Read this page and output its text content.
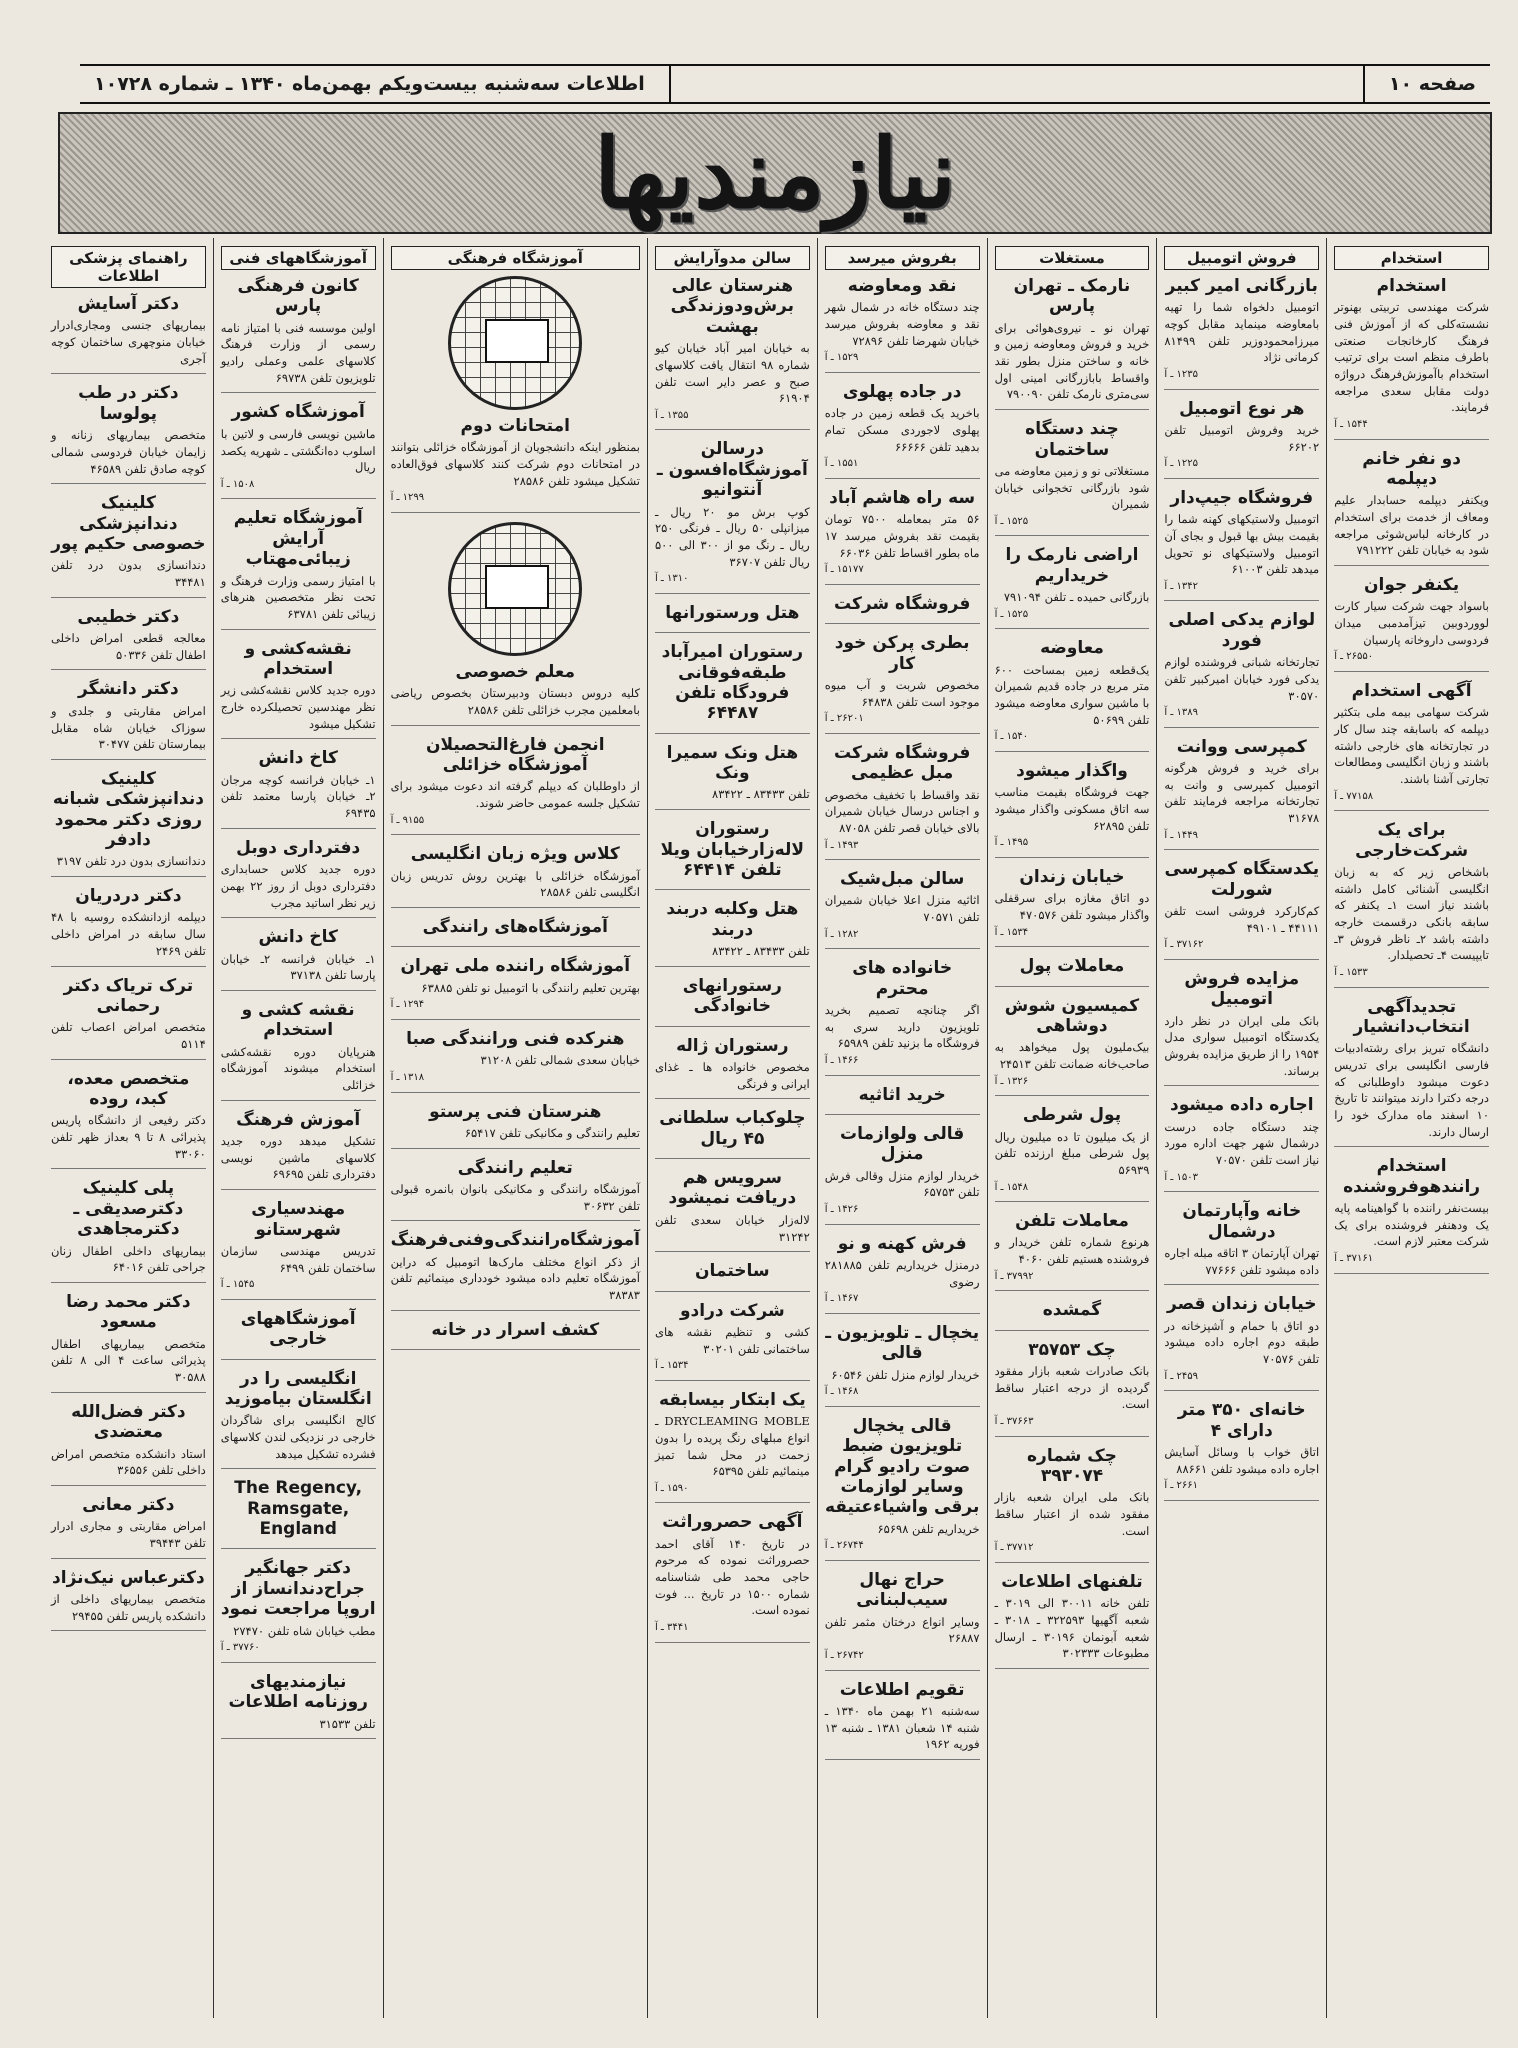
صفحه ۱۰
اطلاعات سه‌شنبه بیست‌و‌یکم بهمن‌ماه ۱۳۴۰ ـ شماره ۱۰۷۲۸
نیازمندیها
استخدام
استخدام

شرکت مهندسی تربیتی بهنوتر نشسته‌کلی که از آموزش فنی فرهنگ کارخانجات صنعتی باطرف منظم است برای ترتیب استخدام باآموزش‌فرهنگ درواژه دولت مقابل سعدی مراجعه فرمایند.

۱۵۴۴ ـ آ

دو نفر خانم دیپلمه

ویکنفر دیپلمه حسابدار علیم ومعاف از خدمت برای استخدام در کارخانه لباس‌شوئی مراجعه شود به خیابان تلفن ۷۹۱۲۲۲

یکنفر جوان

باسواد جهت شرکت سیار کارت لووردوبین تیزآمدمبی میدان فردوسی داروخانه پارسیان

۲۶۵۵۰ ـ آ

آگهی استخدام

شرکت سهامی بیمه ملی بتکثیر دیپلمه که باسابقه چند سال کار در تجارتخانه های خارجی داشته باشند و زبان انگلیسی ومطالعات تجارتی آشنا باشند.

۷۷۱۵۸ ـ آ

برای یک شرکت‌خارجی

باشخاص زیر که به زبان انگلیسی آشنائی کامل داشته باشند نیاز است ۱ـ یکنفر که سابقه بانکی درقسمت خارجه داشته باشد ۲ـ ناظر فروش ۳ـ تایپیست ۴ـ تحصیلدار.

۱۵۳۳ ـ آ

تجدیدآگهی انتخاب‌دانشیار

دانشگاه تبریز برای رشته‌ادبیات فارسی انگلیسی برای تدریس دعوت میشود داوطلبانی که درجه دکترا دارند میتوانند تا تاریخ ۱۰ اسفند ماه مدارک خود را ارسال دارند.

استخدام رانندهوفروشنده

بیست‌نفر راننده با گواهینامه پایه یک ودهنفر فروشنده برای یک شرکت معتبر لازم است.

۳۷۱۶۱ ـ آ

فروش اتومبیل
بازرگانی امیر کبیر

اتومبیل دلخواه شما را تهیه بامعاوضه مینماید مقابل کوچه میرزامحمودوزیر تلفن ۸۱۴۹۹ کرمانی نژاد

۱۲۳۵ ـ آ

هر نوع اتومبیل

خرید وفروش اتومبیل تلفن ۶۶۲۰۲

۱۲۲۵ ـ آ

فروشگاه جیپ‌دار

اتومبیل ولاستیکهای کهنه شما را بقیمت بیش بها قبول و بجای آن اتومبیل ولاستیکهای نو تحویل میدهد تلفن ۶۱۰۰۳

۱۳۴۲ ـ آ

لوازم یدکی اصلی فورد

تجارتخانه شبانی فروشنده لوازم یدکی فورد خیابان امیرکبیر تلفن ۳۰۵۷۰

۱۳۸۹ ـ آ

کمپرسی ووانت

برای خرید و فروش هرگونه اتومبیل کمپرسی و وانت به تجارتخانه مراجعه فرمایند تلفن ۳۱۶۷۸

۱۴۴۹ ـ آ

یکدستگاه کمپرسی شورلت

کم‌کارکرد فروشی است تلفن ۴۴۱۱۱ ـ ۴۹۱۰۱

۳۷۱۶۲ ـ آ

مزایده فروش اتومبیل

بانک ملی ایران در نظر دارد یکدستگاه اتومبیل سواری مدل ۱۹۵۴ را از طریق مزایده بفروش برساند.

اجاره داده میشود

چند دستگاه جاده درست درشمال شهر جهت اداره مورد نیاز است تلفن ۷۰۵۷۰

۱۵۰۳ ـ آ

خانه وآپارتمان درشمال

تهران آپارتمان ۳ اتاقه مبله اجاره داده میشود تلفن ۷۷۶۶۶

خیابان زندان قصر

دو اتاق با حمام و آشپزخانه در طبقه دوم اجاره داده میشود تلفن ۷۰۵۷۶

۲۴۵۹ ـ آ

خانه‌ای ۳۵۰ متر دارای ۴

اتاق خواب با وسائل آسایش اجاره داده میشود تلفن ۸۸۶۶۱

۲۶۶۱ ـ آ

مستغلات
نارمک ـ تهران پارس

تهران نو ـ نیروی‌هوائی برای خرید و فروش ومعاوضه زمین و خانه و ساختن منزل بطور نقد واقساط بابازرگانی امینی اول سی‌متری نارمک تلفن ۷۹۰۰۹۰

چند دستگاه ساختمان

مستغلاتی نو و زمین معاوضه می شود بازرگانی تخجوانی خیابان شمیران

۱۵۲۵ ـ آ

اراضی نارمک را خریداریم

بازرگانی حمیده ـ تلفن ۷۹۱۰۹۴

۱۵۲۵ ـ آ

معاوضه

یک‌قطعه زمین بمساحت ۶۰۰ متر مربع در جاده قدیم شمیران با ماشین سواری معاوضه میشود تلفن ۵۰۶۹۹

۱۵۴۰ ـ آ

واگذار میشود

جهت فروشگاه بقیمت مناسب سه اتاق مسکونی واگذار میشود تلفن ۶۲۸۹۵

۱۴۹۵ ـ آ

خیابان زندان

دو اتاق مغازه برای سرقفلی واگذار میشود تلفن ۴۷۰۵۷۶

۱۵۳۴ ـ آ

معاملات پول
کمیسیون شوش دوشاهی

بیک‌ملیون پول میخواهد به صاحب‌خانه ضمانت تلفن ۲۴۵۱۳

۱۳۲۶ ـ آ

پول شرطی

از یک میلیون تا ده میلیون ریال پول شرطی مبلغ ارزنده تلفن ۵۶۹۳۹

۱۵۴۸ ـ آ

معاملات تلفن

هرنوع شماره تلفن خریدار و فروشنده هستیم تلفن ۴۰۶۰

۳۷۹۹۲ ـ آ

گمشده
چک ۳۵۷۵۳

بانک صادرات شعبه بازار مفقود گردیده از درجه اعتبار ساقط است.

۳۷۶۶۳ ـ آ

چک شماره ۳۹۳۰۷۴

بانک ملی ایران شعبه بازار مفقود شده از اعتبار ساقط است.

۳۷۷۱۲ ـ آ

تلفنهای اطلاعات

تلفن خانه ۳۰۰۱۱ الی ۳۰۱۹ ـ شعبه آگهیها ۳۲۲۵۹۳ ـ ۳۰۱۸ ـ شعبه آبونمان ۳۰۱۹۶ ـ ارسال مطبوعات ۳۰۲۳۳۳

بفروش میرسد
نقد ومعاوضه

چند دستگاه خانه در شمال شهر نقد و معاوضه بفروش میرسد خیابان شهرضا تلفن ۷۲۸۹۶

۱۵۲۹ ـ آ

در جاده پهلوی

باخرید یک قطعه زمین در جاده پهلوی لاجوردی مسکن تمام بدهید تلفن ۶۶۶۶۶

۱۵۵۱ ـ آ

سه راه هاشم آباد

۵۶ متر بمعامله ۷۵۰۰ تومان بقیمت نقد بفروش میرسد ۱۷ ماه بطور اقساط تلفن ۶۶۰۳۶

۱۵۱۷۷ ـ آ

فروشگاه شرکت
بطری پرکن خود کار

مخصوص شربت و آب میوه موجود است تلفن ۶۴۸۳۸

۲۶۲۰۱ ـ آ

فروشگاه شرکت مبل عظیمی

نقد واقساط با تخفیف مخصوص و اجناس درسال خیابان شمیران بالای خیابان قصر تلفن ۸۷۰۵۸

۱۴۹۳ ـ آ

سالن مبل‌شیک

اثاثیه منزل اعلا خیابان شمیران تلفن ۷۰۵۷۱

۱۲۸۲ ـ آ

خانواده های محترم

اگر چنانچه تصمیم بخرید تلویزیون دارید سری به فروشگاه ما بزنید تلفن ۶۵۹۸۹

۱۴۶۶ ـ آ

خرید اثاثیه
قالی ولوازمات منزل

خریدار لوازم منزل وقالی فرش تلفن ۶۵۷۵۳

۱۴۲۶ ـ آ

فرش کهنه و نو

درمنزل خریداریم تلفن ۲۸۱۸۸۵ رضوی

۱۴۶۷ ـ آ

یخچال ـ تلویزیون ـ قالی

خریدار لوازم منزل تلفن ۶۰۵۴۶

۱۴۶۸ ـ آ

قالی یخچال تلویزیون ضبط صوت رادیو گرام وسایر لوازمات برقی واشیاءعتیقه

خریداریم تلفن ۶۵۶۹۸

۲۶۷۴۴ ـ آ

حراج نهال سیب‌لبنانی

وسایر انواع درختان مثمر تلفن ۲۶۸۸۷

۲۶۷۴۲ ـ آ

تقویم اطلاعات

سه‌شنبه ۲۱ بهمن ماه ۱۳۴۰ ـ شنبه ۱۴ شعبان ۱۳۸۱ ـ شنبه ۱۳ فوریه ۱۹۶۲

سالن مدوآرایش
هنرستان عالی برش‌ودوزندگی بهشت

به خیابان امیر آباد خیابان کیو شماره ۹۸ انتقال یافت کلاسهای صبح و عصر دایر است تلفن ۶۱۹۰۴

۱۳۵۵ ـ آ

درسالن آموزشگاه‌افسون ـ آنتوانیو

کوپ برش مو ۲۰ ریال ـ میزانپلی ۵۰ ریال ـ فرنگی ۲۵۰ ریال ـ رنگ مو از ۳۰۰ الی ۵۰۰ ریال تلفن ۳۶۷۰۷

۱۳۱۰ ـ آ

هتل ورستورانها
رستوران امیرآباد طبقه‌فوقانی فرودگاه تلفن ۶۴۴۸۷
هتل ونک سمیرا ونک

تلفن ۸۳۴۳۳ ـ ۸۳۴۲۲

رستوران لاله‌زارخیابان ویلا تلفن ۶۴۴۱۴
هتل وکلبه دربند دربند

تلفن ۸۳۴۳۳ ـ ۸۳۴۲۲

رستورانهای خانوادگی
رستوران ژاله

مخصوص خانواده ها ـ غذای ایرانی و فرنگی

چلوکباب سلطانی ۴۵ ریال
سرویس هم دریافت نمیشود

لاله‌زار خیابان سعدی تلفن ۳۱۲۴۲

ساختمان
شرکت درادو

کشی و تنظیم نقشه های ساختمانی تلفن ۳۰۲۰۱

۱۵۳۴ ـ آ

یک ابتکار بیسابقه

DRYCLEAMING MOBLE ـ انواع مبلهای رنگ پریده را بدون زحمت در محل شما تمیز مینمائیم تلفن ۶۵۳۹۵

۱۵۹۰ ـ آ

آگهی حصروراثت

در تاریخ ۱۴۰ آقای احمد حصروراثت نموده که مرحوم حاجی محمد طی شناسنامه شماره ۱۵۰۰ در تاریخ ... فوت نموده است.

۳۴۴۱ ـ آ

آموزشگاه فرهنگی
امتحانات دوم

بمنظور اینکه دانشجویان از آموزشگاه خزائلی بتوانند در امتحانات دوم شرکت کنند کلاسهای فوق‌العاده تشکیل میشود تلفن ۲۸۵۸۶

۱۲۹۹ ـ آ

معلم خصوصی

کلیه دروس دبستان ودبیرستان بخصوص ریاضی بامعلمین مجرب خزائلی تلفن ۲۸۵۸۶

انجمن فارغ‌التحصیلان آموزشگاه خزائلی

از داوطلبان که دیپلم گرفته اند دعوت میشود برای تشکیل جلسه عمومی حاضر شوند.

۹۱۵۵ ـ آ

کلاس ویژه زبان انگلیسی

آموزشگاه خزائلی با بهترین روش تدریس زبان انگلیسی تلفن ۲۸۵۸۶

آموزشگاه‌های رانندگی
آموزشگاه راننده‌ ملی تهران

بهترین تعلیم رانندگی با اتومبیل نو تلفن ۶۳۸۸۵

۱۲۹۴ ـ آ

هنرکده فنی ورانندگی صبا

خیابان سعدی شمالی تلفن ۳۱۲۰۸

۱۳۱۸ ـ آ

هنرستان فنی پرستو

تعلیم رانندگی و مکانیکی تلفن ۶۵۴۱۷

تعلیم رانندگی

آموزشگاه رانندگی و مکانیکی بانوان بانمره قبولی تلفن ۳۰۶۳۲

آموزشگاه‌رانندگی‌وفنی‌فرهنگ

از ذکر انواع مختلف مارک‌ها اتومبیل که دراین آموزشگاه تعلیم داده میشود خودداری مینمائیم تلفن ۳۸۳۸۳

کشف اسرار در خانه
آموزشگاههای فنی
کانون فرهنگی پارس

اولین موسسه فنی با امتیاز نامه رسمی از وزارت فرهنگ کلاسهای علمی وعملی رادیو تلویزیون تلفن ۶۹۷۳۸

آموزشگاه کشور

ماشین نویسی فارسی و لاتین با اسلوب ده‌انگشتی ـ شهریه یکصد ریال

۱۵۰۸ ـ آ

آموزشگاه تعلیم آرایش زیبائی‌مهتاب

با امتیاز رسمی وزارت فرهنگ و تحت نظر متخصصین هنرهای زیبائی تلفن ۶۳۷۸۱

نقشه‌کشی و استخدام

دوره جدید کلاس نقشه‌کشی زیر نظر مهندسین تحصیلکرده خارج تشکیل میشود

کاخ دانش

۱ـ خیابان فرانسه کوچه مرجان ۲ـ خیابان پارسا معتمد تلفن ۶۹۴۳۵

دفترداری دوبل

دوره جدید کلاس حسابداری دفترداری دوبل از روز ۲۲ بهمن زیر نظر اساتید مجرب

کاخ دانش

۱ـ خیابان فرانسه ۲ـ خیابان پارسا تلفن ۳۷۱۳۸

نقشه کشی و استخدام

هنرپایان دوره نقشه‌کشی استخدام میشوند آموزشگاه خزائلی

آموزش فرهنگ

تشکیل میدهد دوره جدید کلاسهای ماشین نویسی دفترداری تلفن ۶۹۶۹۵

مهندسیاری شهرستانو

تدریس مهندسی سازمان ساختمان تلفن ۶۴۹۹

۱۵۴۵ ـ آ

آموزشگاههای خارجی
انگلیسی را در انگلستان بیاموزید

کالج انگلیسی برای شاگردان خارجی در نزدیکی لندن کلاسهای فشرده تشکیل میدهد

The Regency, Ramsgate, England
دکتر جهانگیر جراح‌دندانساز از اروپا مراجعت نمود

مطب خیابان شاه تلفن ۲۷۴۷۰

۳۷۷۶۰ ـ آ

نیازمندیهای روزنامه اطلاعات

تلفن ۳۱۵۳۳

راهنمای پزشکی اطلاعات
دکتر آسایش

بیماریهای جنسی ومجاری‌ادرار خیابان منوچهری ساختمان کوچه آجری

دکتر در طب پولوسا

متخصص بیماریهای زنانه و زایمان خیابان فردوسی شمالی کوچه صادق تلفن ۴۶۵۸۹

کلینیک دندانپزشکی خصوصی حکیم پور

دندانسازی بدون درد تلفن ۳۴۴۸۱

دکتر خطیبی

معالجه قطعی امراض داخلی اطفال تلفن ۵۰۳۳۶

دکتر دانشگر

امراض مقاربتی و جلدی و سوزاک خیابان شاه مقابل بیمارستان تلفن ۳۰۴۷۷

کلینیک دندانپزشکی شبانه روزی دکتر محمود دادفر

دندانسازی بدون درد تلفن ۳۱۹۷

دکتر دردریان

دیپلمه ازدانشکده روسیه با ۴۸ سال سابقه در امراض داخلی تلفن ۲۴۶۹

ترک تریاک دکتر رحمانی

متخصص امراض اعصاب تلفن ۵۱۱۴

متخصص معده، کبد، روده

دکتر رفیعی از دانشگاه پاریس پذیرائی ۸ تا ۹ بعداز ظهر تلفن ۳۳۰۶۰

پلی کلینیک دکترصدیقی ـ دکترمجاهدی

بیماریهای داخلی اطفال زنان جراحی تلفن ۶۴۰۱۶

دکتر محمد رضا مسعود

متخصص بیماریهای اطفال پذیرائی ساعت ۴ الی ۸ تلفن ۳۰۵۸۸

دکتر فضل‌الله معتضدی

استاد دانشکده متخصص امراض داخلی تلفن ۳۶۵۵۶

دکتر معانی

امراض مقاربتی و مجاری ادرار تلفن ۳۹۴۴۳

دکترعباس نیک‌نژاد

متخصص بیماریهای داخلی از دانشکده پاریس تلفن ۲۹۴۵۵
